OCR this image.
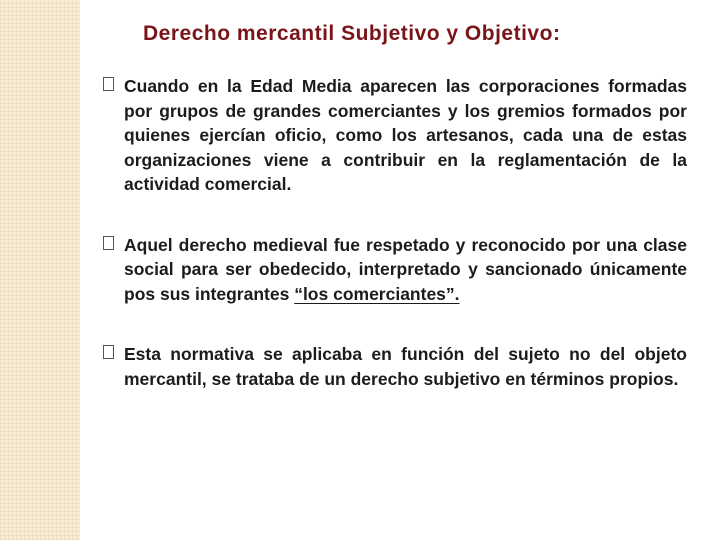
Derecho mercantil Subjetivo y Objetivo:
Cuando en la Edad Media aparecen las corporaciones formadas por grupos de grandes comerciantes y los gremios formados por quienes ejercían oficio, como los artesanos, cada una de estas organizaciones viene a contribuir en la reglamentación de la actividad comercial.
Aquel derecho medieval fue respetado y reconocido por una clase social para ser obedecido, interpretado y sancionado únicamente pos sus integrantes “los comerciantes”.
Esta normativa se aplicaba en función del sujeto no del objeto mercantil, se trataba de un derecho subjetivo en términos propios.
